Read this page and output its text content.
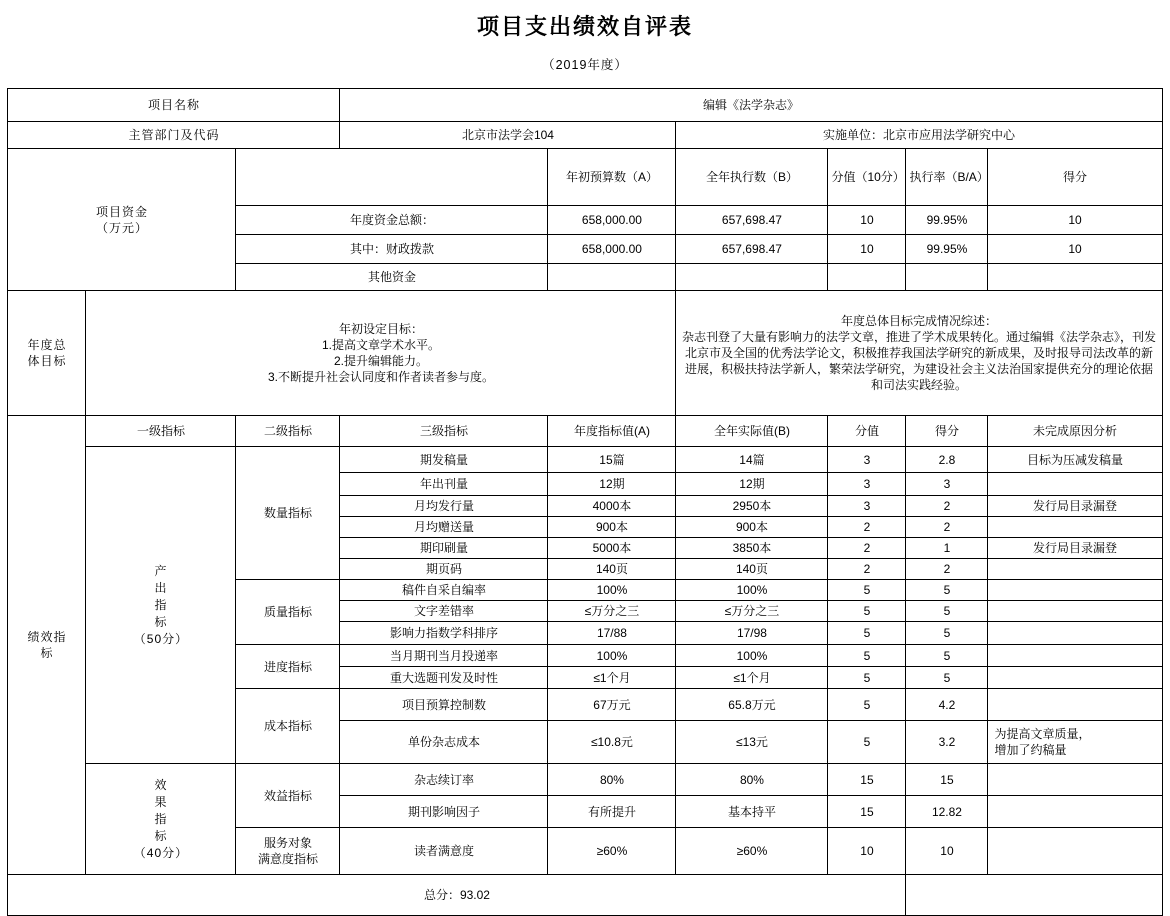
项目支出绩效自评表
（2019年度）
项目名称			编辑《法学杂志》					
主管部门及代码			北京市法学会104		实施单位：北京市应用法学研究中心			
项目资金
（万元）				年初预算数（A）	全年执行数（B）	分值（10分）	执行率（B/A）	得分
		年度资金总额：		658,000.00	657,698.47	10	99.95%	10
		其中：财政拨款		658,000.00	657,698.47	10	99.95%	10
		其他资金						
年度总
体目标	年初设定目标：
1.提高文章学术水平。
2.提升编辑能力。
3.不断提升社会认同度和作者读者参与度。				年度总体目标完成情况综述：
杂志刊登了大量有影响力的法学文章，推进了学术成果转化。通过编辑《法学杂志》，刊发北京市及全国的优秀法学论文，积极推荐我国法学研究的新成果，及时报导司法改革的新进展，积极扶持法学新人，繁荣法学研究，为建设社会主义法治国家提供充分的理论依据和司法实践经验。			

绩效指
标	一级指标	二级指标	三级指标	年度指标值(A)	全年实际值(B)	分值	得分	未完成原因分析
	产出指标
（50分）	数量指标	期发稿量	15篇	14篇	3	2.8	目标为压减发稿量
			年出刊量	12期	12期	3	3	
			月均发行量	4000本	2950本	3	2	发行局目录漏登
			月均赠送量	900本	900本	2	2	
			期印刷量	5000本	3850本	2	1	发行局目录漏登
			期页码	140页	140页	2	2	
		质量指标	稿件自采自编率	100%	100%	5	5	
			文字差错率	≤万分之三	≤万分之三	5	5	
			影响力指数学科排序	17/88	17/98	5	5	
		进度指标	当月期刊当月投递率	100%	100%	5	5	
			重大选题刊发及时性	≤1个月	≤1个月	5	5	
		成本指标	项目预算控制数	67万元	65.8万元	5	4.2	
			单份杂志成本	≤10.8元	≤13元	5	3.2	为提高文章质量，
增加了约稿量
	效果指标
（40分）	效益指标	杂志续订率	80%	80%	15	15	
			期刊影响因子	有所提升	基本持平	15	12.82	
		服务对象
满意度指标	读者满意度	≥60%	≥60%	10	10	
总分：93.02								
